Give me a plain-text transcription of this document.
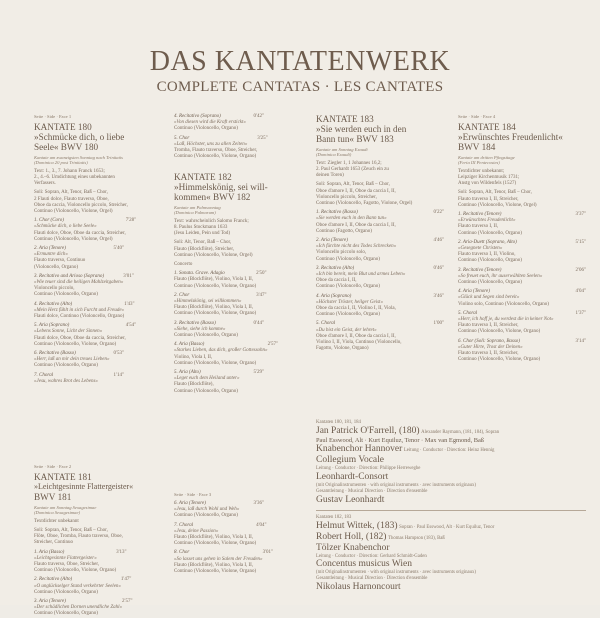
DAS KANTATENWERK
COMPLETE CANTATAS · LES CANTATES
Seite · Side · Face 1
KANTATE 180
»Schmücke dich, o liebe
Seele« BWV 180
Kantate am zwanzigsten Sonntag nach Trinitatis
(Dominica 20 post Trinitatis)
Text: 1., 3., 7. Johann Franck 1653;
2., 4.–6. Umdichtung eines unbekannten
Verfassers.
Soli: Sopran, Alt, Tenor, Baß – Chor,
2 Flauti dolce, Flauto traverso, Oboe,
Oboe da caccia, Violoncello piccolo, Streicher,
Continuo (Violoncello, Violone, Orgel)
1. Chor (Coro)
»Schmücke dich, o liebe Seele«
Flauti dolce, Oboe, Oboe da caccia, Streicher,
Continuo (Violoncello, Violone, Orgel)
7'28"
2. Aria (Tenore)
»Ermuntre dich«
Flauto traverso, Continuo
(Violoncello, Organo)
5'40"
3. Recitativo and Arioso (Soprano)
»Wie teuer sind die heiligen Mahlzeitgaben«
Violoncello piccolo,
Continuo (Violoncello, Organo)
3'01"
4. Recitativo (Alto)
»Mein Herz fühlt in sich Furcht und Freude«
Flauti dolce, Continuo (Violoncello, Organo)
1'43"
5. Aria (Soprano)
»Lebens Sonne, Licht der Sinnen«
Flauti dolce, Oboe, Oboe da caccia, Streicher,
Continuo (Violoncello, Violone, Organo)
4'54"
6. Recitativo (Basso)
»Herr, laß an mir dein treues Lieben«
Continuo (Violoncello, Organo)
0'53"
7. Choral
»Jesu, wahres Brot des Lebens«
1'14"
Seite · Side · Face 2
KANTATE 181
»Leichtgesinnte Flattergeister«
BWV 181
Kantate am Sonntag Sexagesimae
(Dominica Sexagesimae)
Textdichter unbekannt
Soli: Sopran, Alt, Tenor, Baß – Chor,
Flöte, Oboe, Tromba, Flauto traverso, Oboe,
Streicher, Continuo
1. Aria (Basso)
»Leichtgesinnte Flattergeister«
Flauto traverso, Oboe, Streicher,
Continuo (Violoncello, Violone, Organo)
3'13"
2. Recitativo (Alto)
»O unglückselger Stand verkehrter Seelen«
Continuo (Violoncello, Organo)
1'47"
3. Aria (Tenore)
»Der schädlichen Dornen unendliche Zahl«
Continuo (Violoncello, Organo)
2'57"
4. Recitativo (Soprano)
»Von diesen wird die Kraft erstickt«
Continuo (Violoncello, Organo)
0'42"
5. Chor
»Laß, Höchster, uns zu allen Zeiten«
Tromba, Flauto traverso, Oboe, Streicher,
Continuo (Violoncello, Violone, Organo)
3'25"
KANTATE 182
»Himmelskönig, sei will-
kommen« BWV 182
Kantate am Palmsonntag
(Dominica Palmarum)
Text: wahrscheinlich Salomo Franck;
8. Paulus Stockmann 1633
(Jesu Leiden, Pein und Tod)
Soli: Alt, Tenor, Baß – Chor,
Flauto (Blockflöte), Streicher,
Continuo (Violoncello, Violone, Orgel)
Concerto
1. Sonata. Grave. Adagio
Flauto (Blockflöte), Violino, Viola I, II,
Continuo (Violoncello, Violone, Organo)
2'50"
2. Chor
»Himmelskönig, sei willkommen«
Flauto (Blockflöte), Violino, Viola I, II,
Continuo (Violoncello, Violone, Organo)
3'47"
3. Recitativo (Basso)
»Siehe, siehe ich komme«
Continuo (Violoncello, Organo)
0'44"
4. Aria (Basso)
»Starkes Lieben, das dich, großer Gottessohn«
Violino, Viola I, II,
Continuo (Violoncello, Violone, Organo)
2'57"
5. Aria (Alto)
»Leget euch dem Heiland unter«
Flauto (Blockflöte),
Continuo (Violoncello, Organo)
5'29"
Seite · Side · Face 3
6. Aria (Tenore)
»Jesu, laß durch Wohl und Weh«
Continuo (Violoncello, Organo)
3'36"
7. Choral
»Jesu, deine Passion«
Flauto (Blockflöte), Violino, Viola I, II,
Continuo (Violoncello, Violone, Organo)
4'04"
8. Chor
»So lasset uns gehen in Salem der Freuden«
Flauto (Blockflöte), Violino, Viola I, II,
Continuo (Violoncello, Violone, Organo)
3'01"
KANTATE 183
»Sie werden euch in den
Bann tun« BWV 183
Kantate am Sonntag Exaudi
(Dominica Exaudi)
Text: Ziegler 1, 1 Johannes 16,2;
2. Paul Gerhardt 1653 (Zeuch ein zu
deinen Toren)
Soli: Sopran, Alt, Tenor, Baß – Chor,
Oboe d'amore I, II, Oboe da caccia I, II,
Violoncello piccolo, Streicher,
Continuo (Violoncello, Fagotto, Violone, Orgel)
1. Recitativo (Basso)
»Sie werden euch in den Bann tun«
Oboe d'amore I, II, Oboe da caccia I, II,
Continuo (Fagotto, Organo)
0'22"
2. Aria (Tenore)
»Ich fürchte nicht des Todes Schrecken«
Violoncello piccolo solo,
Continuo (Violoncello, Organo)
4'46"
3. Recitativo (Alto)
»Ich bin bereit, mein Blut und armes Leben«
Oboe da caccia I, II,
Continuo (Violoncello, Organo)
0'46"
4. Aria (Soprano)
»Höchster Tröster, heilger Geist«
Oboe da caccia I, II, Violino I, II, Viola,
Continuo (Violoncello, Organo)
3'46"
5. Choral
»Du bist ein Geist, der lehret«
Oboe d'amore I, II, Oboe da caccia I, II,
Violino I, II, Viola, Continuo (Violoncello,
Fagotto, Violone, Organo)
1'00"
Seite · Side · Face 4
KANTATE 184
»Erwünschtes Freudenlicht«
BWV 184
Kantate am dritten Pfingsttage
(Feria III Pentecostes)
Textdichter unbekannt;
Leipziger Kirchenmusik 1731;
Anstg von Wildenfels (1527)
Soli: Sopran, Alt, Tenor, Baß – Chor,
Flauto traverso I, II, Streicher,
Continuo (Violoncello, Violone, Orgel)
1. Recitativo (Tenore)
»Erwünschtes Freudenlicht«
Flauto traverso I, II,
Continuo (Violoncello, Organo)
3'37"
2. Aria-Duett (Soprano, Alto)
»Gesegnete Christen«
Flauto traverso I, II, Violino,
Continuo (Violoncello, Organo)
5'15"
3. Recitativo (Tenore)
»So freuet euch, ihr auserwählten Seelen«
Continuo (Violoncello, Organo)
2'06"
4. Aria (Tenore)
»Glück und Segen sind bereit«
Violino solo, Continuo (Violoncello, Organo)
4'04"
5. Choral
»Herr, ich hoff je, du werdest die in keiner Not«
Flauto traverso I, II, Streicher,
Continuo (Violoncello, Violone, Organo)
1'37"
6. Chor (Soli: Soprano, Basso)
»Guter Hirte, Trost der Deinen«
Flauto traverso I, II, Streicher,
Continuo (Violoncello, Violone, Organo)
3'14"
Kantaten 180, 181, 184
Jan Patrick O'Farrell, (180) Alexander Raymann, (181, 184), Sopran
Paul Esswood, Alt · Kurt Equiluz, Tenor · Max van Egmond, Baß
Knabenchor Hannover Leitung · Conductor · Direction: Heinz Hennig
Collegium Vocale
Leitung · Conductor · Direction: Philippe Herreweghe
Leonhardt-Consort
(mit Originalinstrumenten · with original instruments · avec instruments originaux)
Gesamtleitung · Musical Direction · Direction d'ensemble
Gustav Leonhardt
Kantaten 182, 183
Helmut Wittek, (183) Sopran · Paul Esswood, Alt · Kurt Equiluz, Tenor
Robert Holl, (182) Thomas Hampson (183), Baß
Tölzer Knabenchor
Leitung · Conductor · Direction: Gerhard Schmidt-Gaden
Concentus musicus Wien
(mit Originalinstrumenten · with original instruments · avec instruments originaux)
Gesamtleitung · Musical Direction · Direction d'ensemble
Nikolaus Harnoncourt
